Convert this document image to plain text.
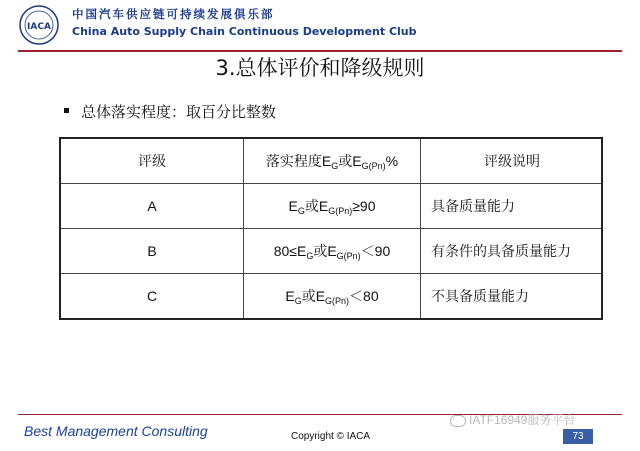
IACA
中国汽车供应链可持续发展俱乐部
China Auto Supply Chain Continuous Development Club
3.总体评价和降级规则
总体落实程度：取百分比整数
评级	落实程度$E_G$或$E_{G(Pn)}\%$	评级说明
A	$E_G$或$E_{G(Pn)}\ge 90$	具备质量能力
B	$80\le E_G$或$E_{G(Pn)}<90$	有条件的具备质量能力
C	$E_G$或$E_{G(Pn)}<80$	不具备质量能力
Best Management Consulting	Copyright © IACA
IATF16949服务平台
73
